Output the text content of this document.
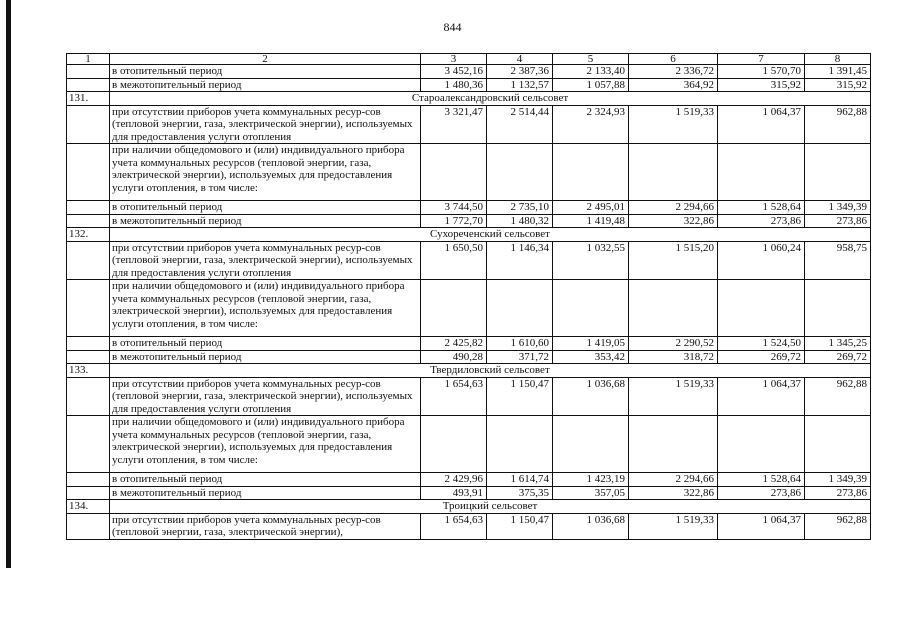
844
1	2	3	4	5	6	7	8
	в отопительный период	3 452,16	2 387,36	2 133,40	2 336,72	1 570,70	1 391,45
	в межотопительный период	1 480,36	1 132,57	1 057,88	364,92	315,92	315,92
131.	Староалександровский сельсовет						
	при отсутствии приборов учета коммунальных ресур-сов (тепловой энергии, газа, электрической энергии), используемых для предоставления услуги отопления	3 321,47	2 514,44	2 324,93	1 519,33	1 064,37	962,88
	при наличии общедомового и (или) индивидуального прибора учета коммунальных ресурсов (тепловой энергии, газа, электрической энергии), используемых для предоставления услуги отопления, в том числе:						
	в отопительный период	3 744,50	2 735,10	2 495,01	2 294,66	1 528,64	1 349,39
	в межотопительный период	1 772,70	1 480,32	1 419,48	322,86	273,86	273,86
132.	Сухореченский сельсовет						
	при отсутствии приборов учета коммунальных ресур-сов (тепловой энергии, газа, электрической энергии), используемых для предоставления услуги отопления	1 650,50	1 146,34	1 032,55	1 515,20	1 060,24	958,75
	при наличии общедомового и (или) индивидуального прибора учета коммунальных ресурсов (тепловой энергии, газа, электрической энергии), используемых для предоставления услуги отопления, в том числе:						
	в отопительный период	2 425,82	1 610,60	1 419,05	2 290,52	1 524,50	1 345,25
	в межотопительный период	490,28	371,72	353,42	318,72	269,72	269,72
133.	Твердиловский сельсовет						
	при отсутствии приборов учета коммунальных ресур-сов (тепловой энергии, газа, электрической энергии), используемых для предоставления услуги отопления	1 654,63	1 150,47	1 036,68	1 519,33	1 064,37	962,88
	при наличии общедомового и (или) индивидуального прибора учета коммунальных ресурсов (тепловой энергии, газа, электрической энергии), используемых для предоставления услуги отопления, в том числе:						
	в отопительный период	2 429,96	1 614,74	1 423,19	2 294,66	1 528,64	1 349,39
	в межотопительный период	493,91	375,35	357,05	322,86	273,86	273,86
134.	Троицкий сельсовет						
	при отсутствии приборов учета коммунальных ресур-сов (тепловой энергии, газа, электрической энергии),	1 654,63	1 150,47	1 036,68	1 519,33	1 064,37	962,88
